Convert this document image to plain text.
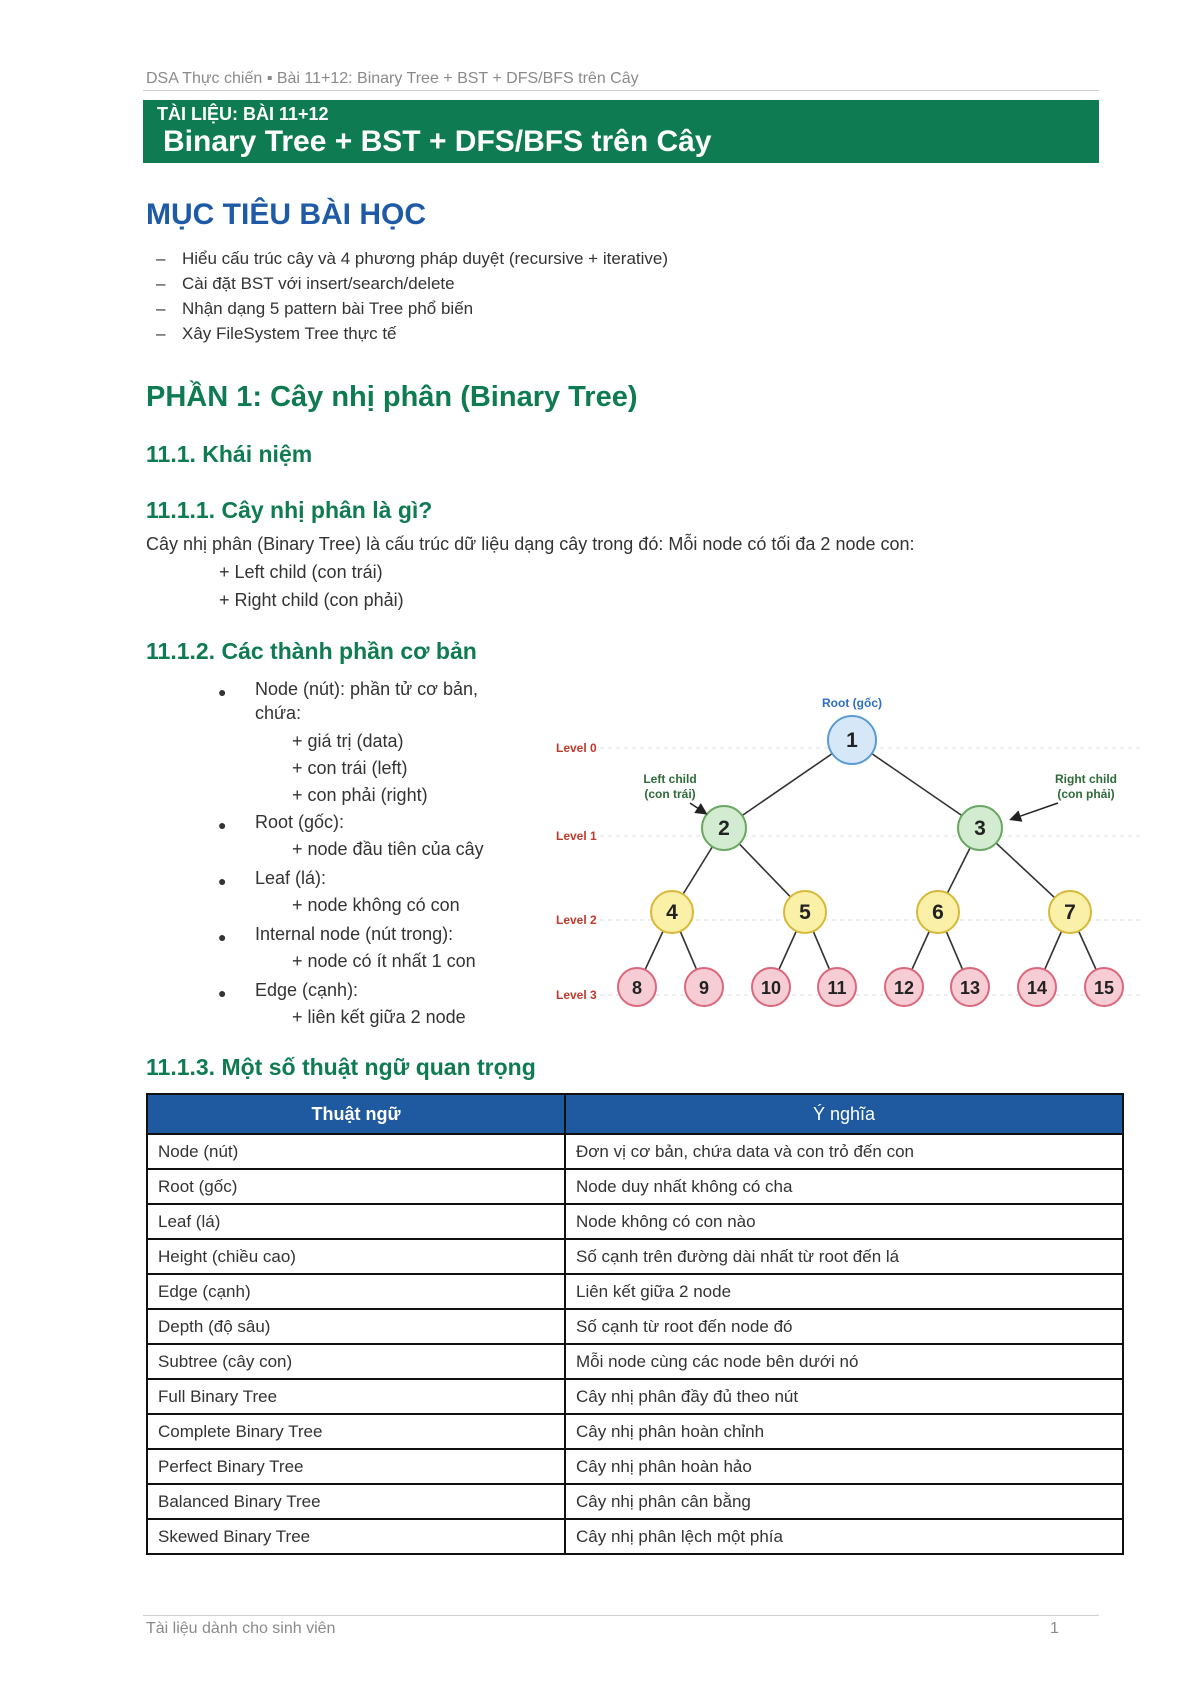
DSA Thực chiến ▪ Bài 11+12: Binary Tree + BST + DFS/BFS trên Cây
TÀI LIỆU: BÀI 11+12
Binary Tree + BST + DFS/BFS trên Cây
MỤC TIÊU BÀI HỌC
– Hiểu cấu trúc cây và 4 phương pháp duyệt (recursive + iterative)
– Cài đặt BST với insert/search/delete
– Nhận dạng 5 pattern bài Tree phổ biến
– Xây FileSystem Tree thực tế
PHẦN 1: Cây nhị phân (Binary Tree)
11.1. Khái niệm
11.1.1. Cây nhị phân là gì?
Cây nhị phân (Binary Tree) là cấu trúc dữ liệu dạng cây trong đó: Mỗi node có tối đa 2 node con:
+ Left child (con trái)
+ Right child (con phải)
11.1.2. Các thành phần cơ bản
● Node (nút): phần tử cơ bản,
chứa:
+ giá trị (data)
+ con trái (left)
+ con phải (right)
● Root (gốc):
+ node đầu tiên của cây
● Leaf (lá):
+ node không có con
● Internal node (nút trong):
+ node có ít nhất 1 con
● Edge (cạnh):
+ liên kết giữa 2 node
1
2	3
4	5	6	7
8	9	10	11	12	13	14	15
Level 0
Level 1
Level 2
Level 3
Root (gốc)
Left child
(con trái)
Right child
(con phải)
11.1.3. Một số thuật ngữ quan trọng
Thuật ngữ	Ý nghĩa
Node (nút)	Đơn vị cơ bản, chứa data và con trỏ đến con
Root (gốc)	Node duy nhất không có cha
Leaf (lá)	Node không có con nào
Height (chiều cao)	Số cạnh trên đường dài nhất từ root đến lá
Edge (cạnh)	Liên kết giữa 2 node
Depth (độ sâu)	Số cạnh từ root đến node đó
Subtree (cây con)	Mỗi node cùng các node bên dưới nó
Full Binary Tree	Cây nhị phân đầy đủ theo nút
Complete Binary Tree	Cây nhị phân hoàn chỉnh
Perfect Binary Tree	Cây nhị phân hoàn hảo
Balanced Binary Tree	Cây nhị phân cân bằng
Skewed Binary Tree	Cây nhị phân lệch một phía
Tài liệu dành cho sinh viên	1
